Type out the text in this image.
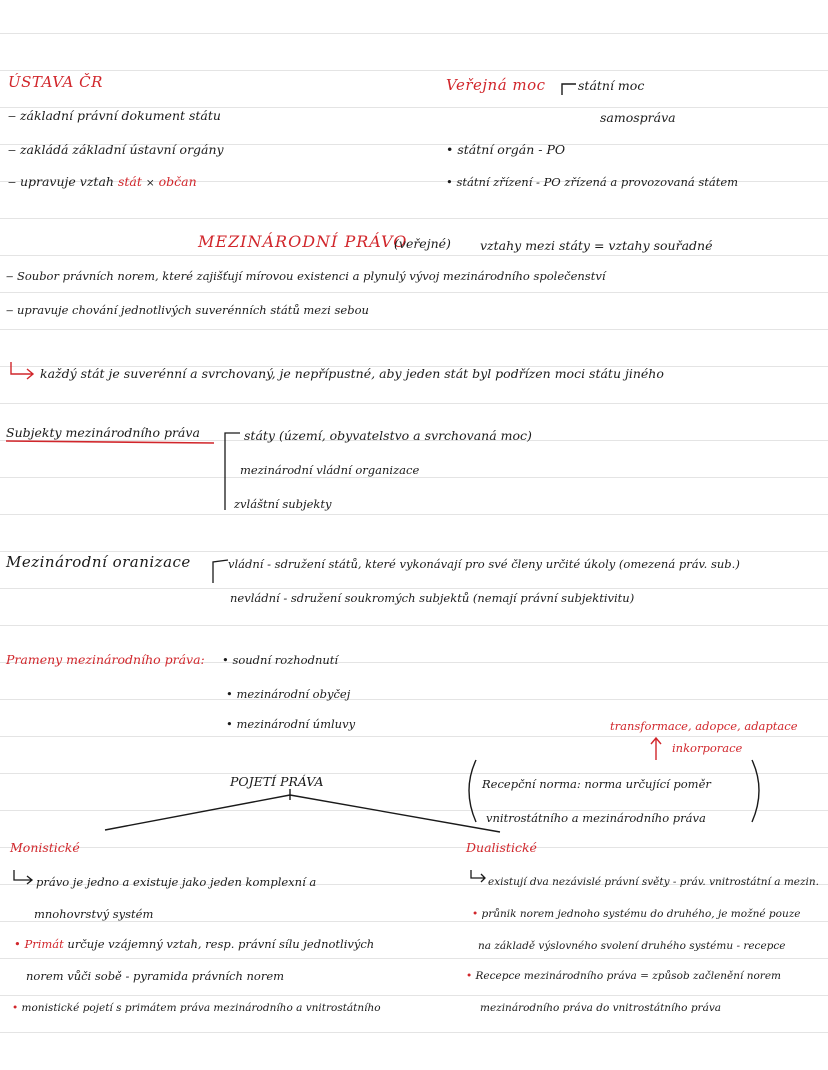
ÚSTAVA ČR
‒ základní právní dokument státu
‒ zakládá základní ústavní orgány
‒ upravuje vztah stát × občan
Veřejná moc	státní moc
samospráva
• státní orgán - PO
• státní zřízení - PO zřízená a provozovaná státem
MEZINÁRODNÍ PRÁVO
(veřejné) vztahy mezi státy = vztahy souřadné
‒ Soubor právních norem, které zajišťují mírovou existenci a plynulý vývoj mezinárodního společenství
‒ upravuje chování jednotlivých suverénních států mezi sebou
každý stát je suverénní a svrchovaný, je nepřípustné, aby jeden stát byl podřízen moci státu jiného
Subjekty mezinárodního práva	státy (území, obyvatelstvo a svrchovaná moc)
mezinárodní vládní organizace
zvláštní subjekty
Mezinárodní oranizace	vládní - sdružení států, které vykonávají pro své členy určité úkoly (omezená práv. sub.)
nevládní - sdružení soukromých subjektů (nemají právní subjektivitu)
Prameny mezinárodního práva: • soudní rozhodnutí
• mezinárodní obyčej
• mezinárodní úmluvy	transformace, adopce, adaptace
inkorporace
POJETÍ PRÁVA	Recepční norma: norma určující poměr
vnitrostátního a mezinárodního práva
Monistické
právo je jedno a existuje jako jeden komplexní a
mnohovrstvý systém
• Primát určuje vzájemný vztah, resp. právní sílu jednotlivých
norem vůči sobě - pyramida právních norem
• monistické pojetí s primátem práva mezinárodního a vnitrostátního
Dualistické
existují dva nezávislé právní světy - práv. vnitrostátní a mezin.
• průnik norem jednoho systému do druhého, je možné pouze
na základě výslovného svolení druhého systému - recepce
• Recepce mezinárodního práva = způsob začlenění norem
mezinárodního práva do vnitrostátního práva
